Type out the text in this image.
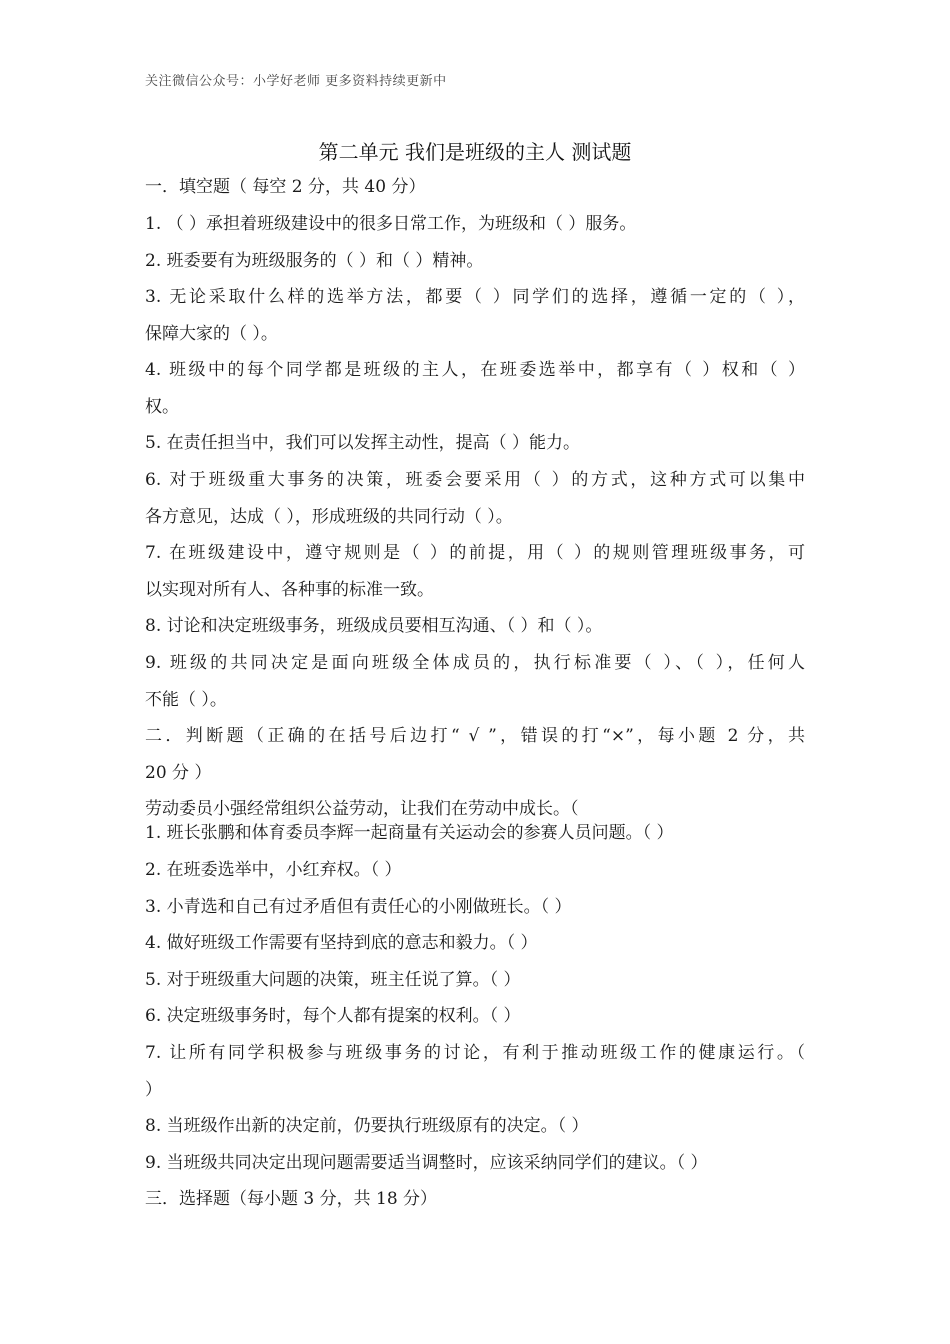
关注微信公众号：小学好老师 更多资料持续更新中
第二单元 我们是班级的主人 测试题
一．填空题（ 每空 2 分，共 40 分）
1. （ ）承担着班级建设中的很多日常工作，为班级和（ ）服务。
2. 班委要有为班级服务的（ ）和（ ）精神。
3. 无论采取什么样的选举方法，都要（ ）同学们的选择，遵循一定的（ ），
保障大家的（ ）。
4. 班级中的每个同学都是班级的主人，在班委选举中，都享有（ ）权和（ ）
权。
5. 在责任担当中，我们可以发挥主动性，提高（ ）能力。
6. 对于班级重大事务的决策，班委会要采用（ ）的方式，这种方式可以集中
各方意见，达成（ ），形成班级的共同行动（ ）。
7. 在班级建设中，遵守规则是（ ）的前提，用（ ）的规则管理班级事务，可
以实现对所有人、各种事的标准一致。
8. 讨论和决定班级事务，班级成员要相互沟通、（ ）和（ ）。
9. 班级的共同决定是面向班级全体成员的，执行标准要（ ）、（ ），任何人
不能（ ）。
二．判断题（正确的在括号后边打“ √ ”，错误的打“×”，每小题 2 分，共
20 分 ）
劳动委员小强经常组织公益劳动，让我们在劳动中成长。（
1. 班长张鹏和体育委员李辉一起商量有关运动会的参赛人员问题。（ ）
2. 在班委选举中，小红弃权。（ ）
3. 小青选和自己有过矛盾但有责任心的小刚做班长。（ ）
4. 做好班级工作需要有坚持到底的意志和毅力。（ ）
5. 对于班级重大问题的决策，班主任说了算。（ ）
6. 决定班级事务时，每个人都有提案的权利。（ ）
7. 让所有同学积极参与班级事务的讨论，有利于推动班级工作的健康运行。（
）
8. 当班级作出新的决定前，仍要执行班级原有的决定。（ ）
9. 当班级共同决定出现问题需要适当调整时，应该采纳同学们的建议。（ ）
三．选择题（每小题 3 分，共 18 分）
